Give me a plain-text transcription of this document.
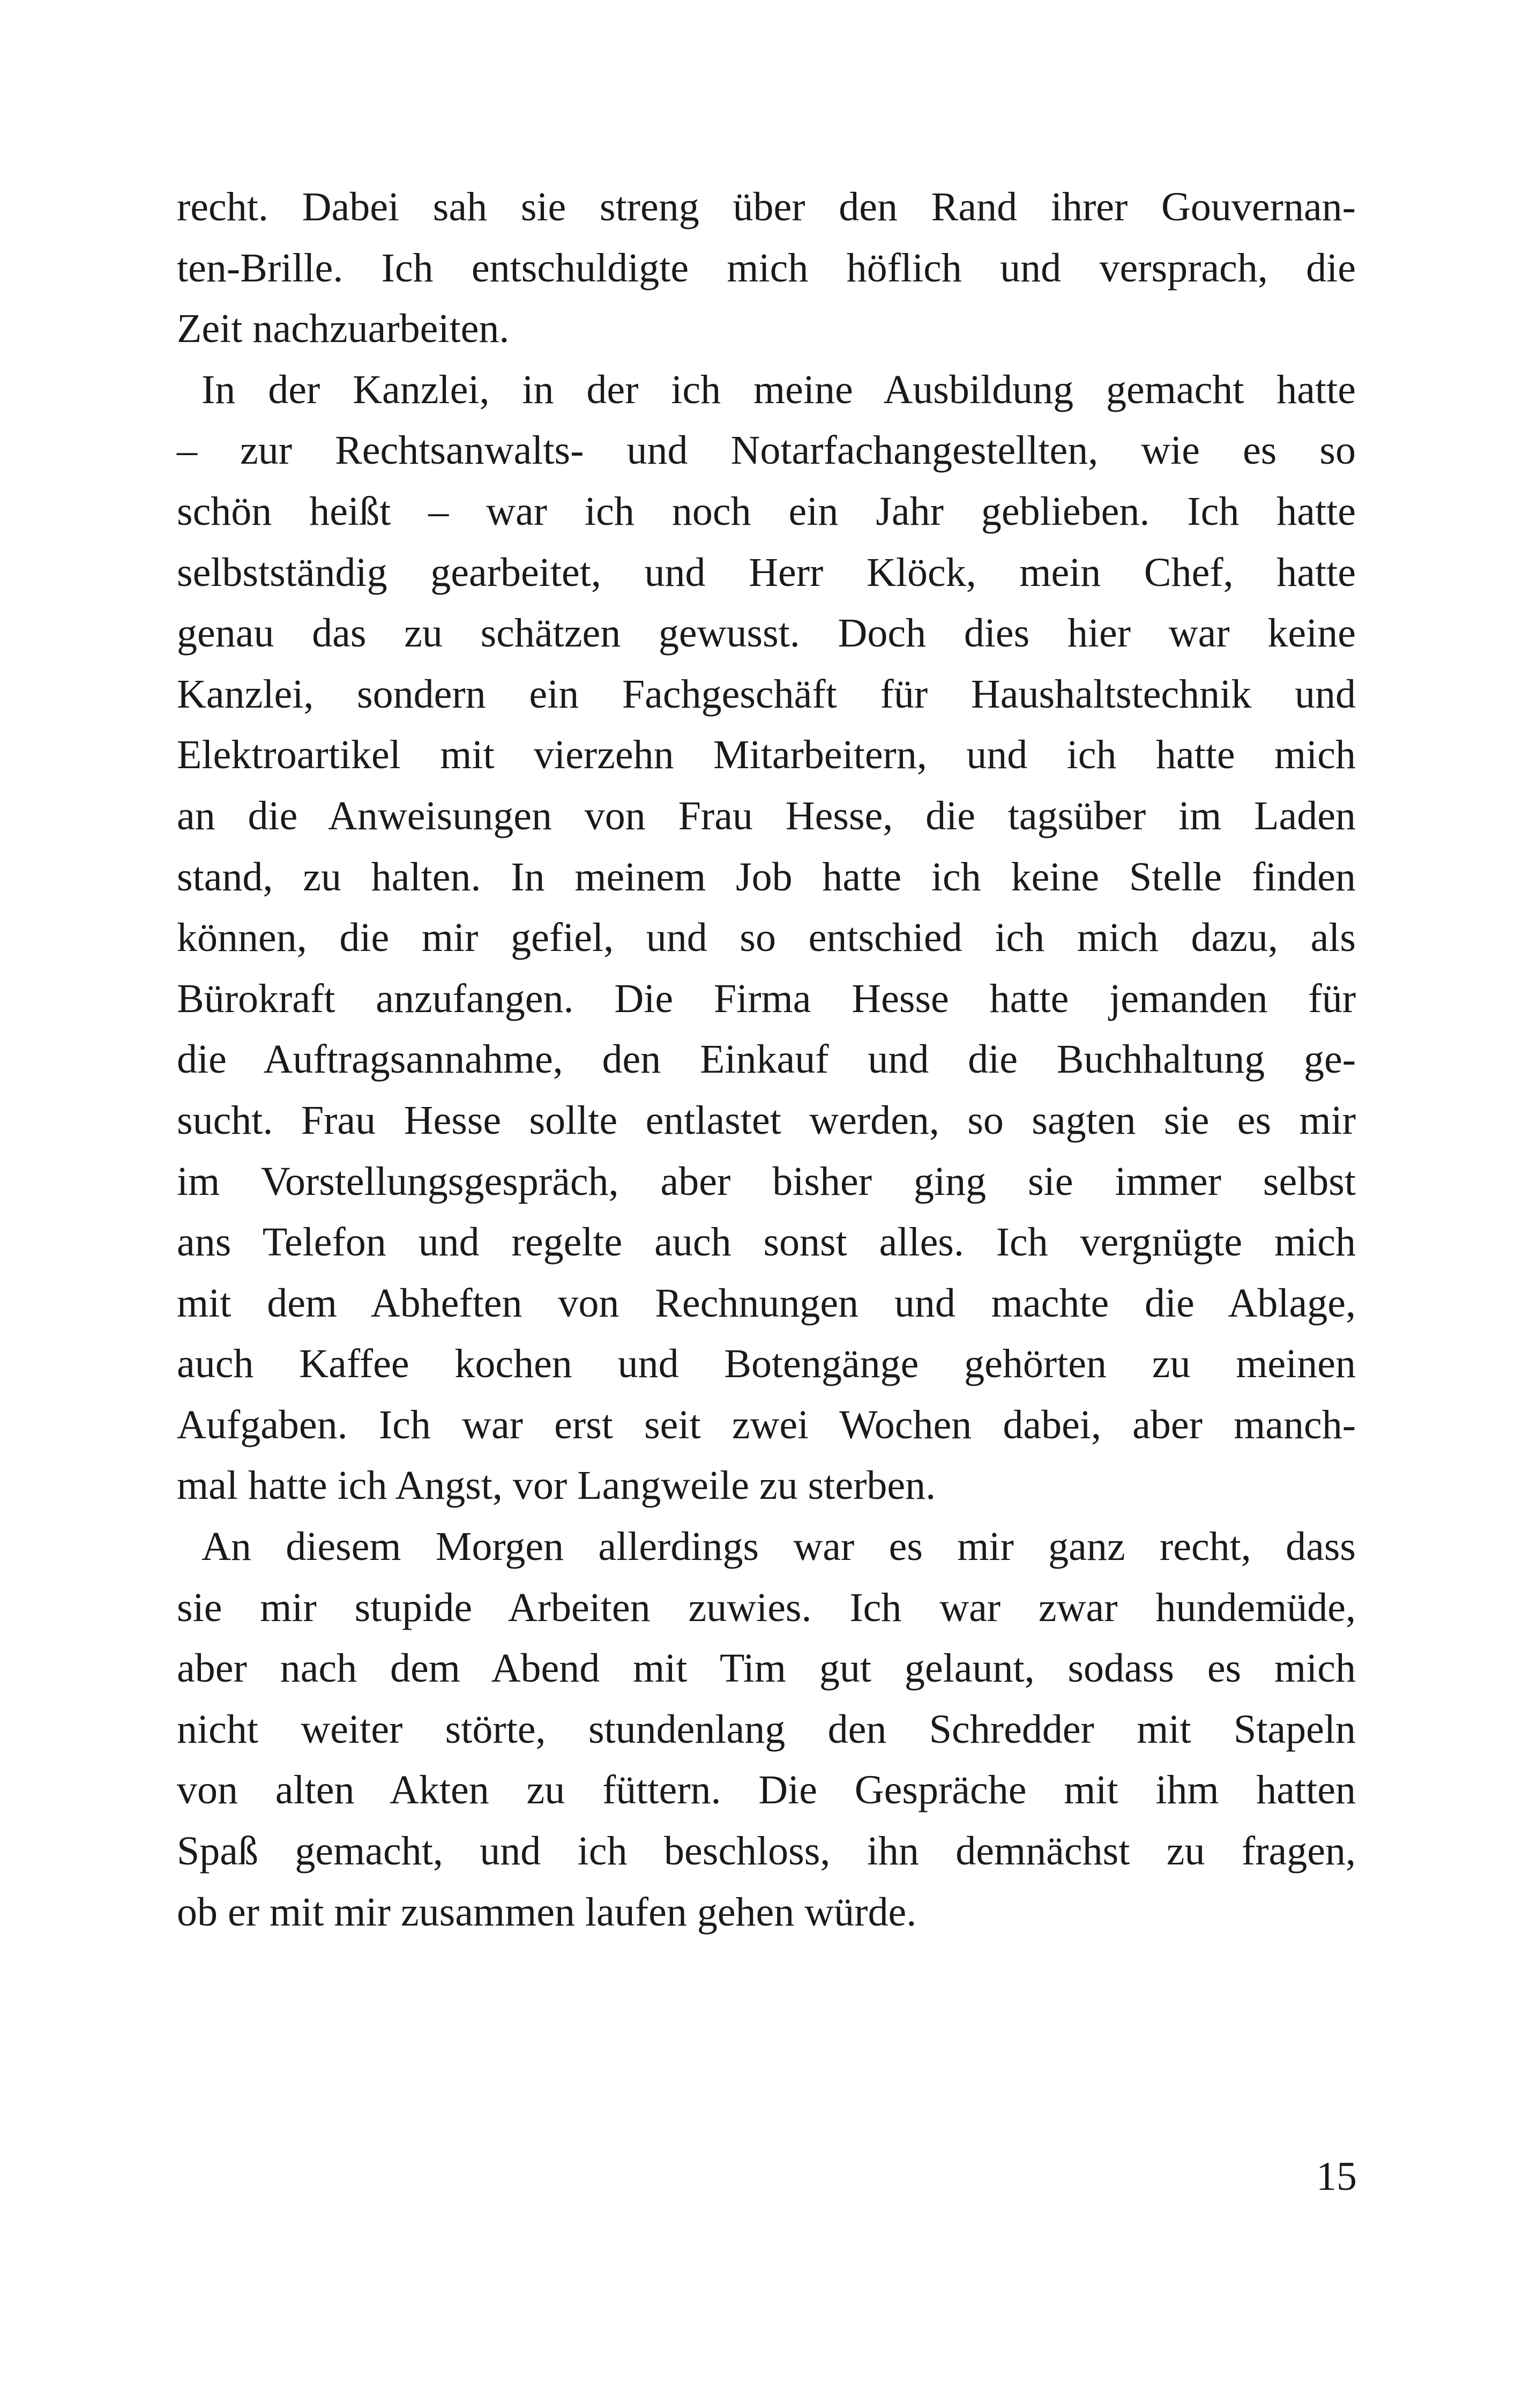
recht. Dabei sah sie streng über den Rand ihrer Gouvernan-
ten-Brille. Ich entschuldigte mich höflich und versprach, die
Zeit nachzuarbeiten.
In der Kanzlei, in der ich meine Ausbildung gemacht hatte
– zur Rechtsanwalts- und Notarfachangestellten, wie es so
schön heißt – war ich noch ein Jahr geblieben. Ich hatte
selbstständig gearbeitet, und Herr Klöck, mein Chef, hatte
genau das zu schätzen gewusst. Doch dies hier war keine
Kanzlei, sondern ein Fachgeschäft für Haushaltstechnik und
Elektroartikel mit vierzehn Mitarbeitern, und ich hatte mich
an die Anweisungen von Frau Hesse, die tagsüber im Laden
stand, zu halten. In meinem Job hatte ich keine Stelle finden
können, die mir gefiel, und so entschied ich mich dazu, als
Bürokraft anzufangen. Die Firma Hesse hatte jemanden für
die Auftragsannahme, den Einkauf und die Buchhaltung ge-
sucht. Frau Hesse sollte entlastet werden, so sagten sie es mir
im Vorstellungsgespräch, aber bisher ging sie immer selbst
ans Telefon und regelte auch sonst alles. Ich vergnügte mich
mit dem Abheften von Rechnungen und machte die Ablage,
auch Kaffee kochen und Botengänge gehörten zu meinen
Aufgaben. Ich war erst seit zwei Wochen dabei, aber manch-
mal hatte ich Angst, vor Langweile zu sterben.
An diesem Morgen allerdings war es mir ganz recht, dass
sie mir stupide Arbeiten zuwies. Ich war zwar hundemüde,
aber nach dem Abend mit Tim gut gelaunt, sodass es mich
nicht weiter störte, stundenlang den Schredder mit Stapeln
von alten Akten zu füttern. Die Gespräche mit ihm hatten
Spaß gemacht, und ich beschloss, ihn demnächst zu fragen,
ob er mit mir zusammen laufen gehen würde.
15
